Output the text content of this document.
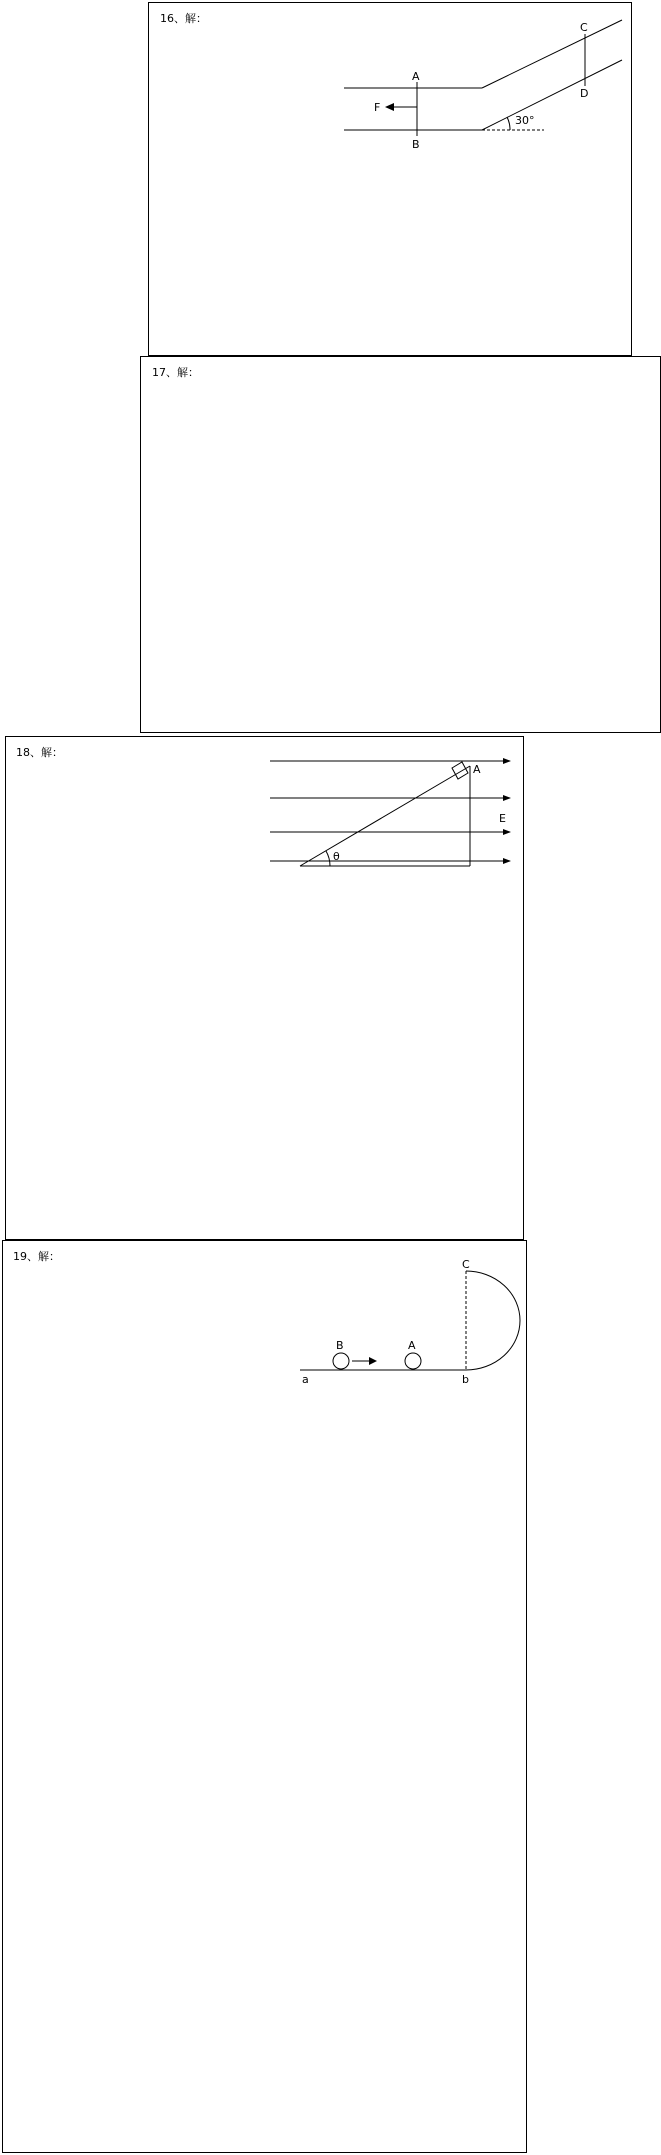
16、解：
A
B
C
D
F
30°
17、解：
18、解：
A
E
θ
19、解：
C
B	A
a	b
